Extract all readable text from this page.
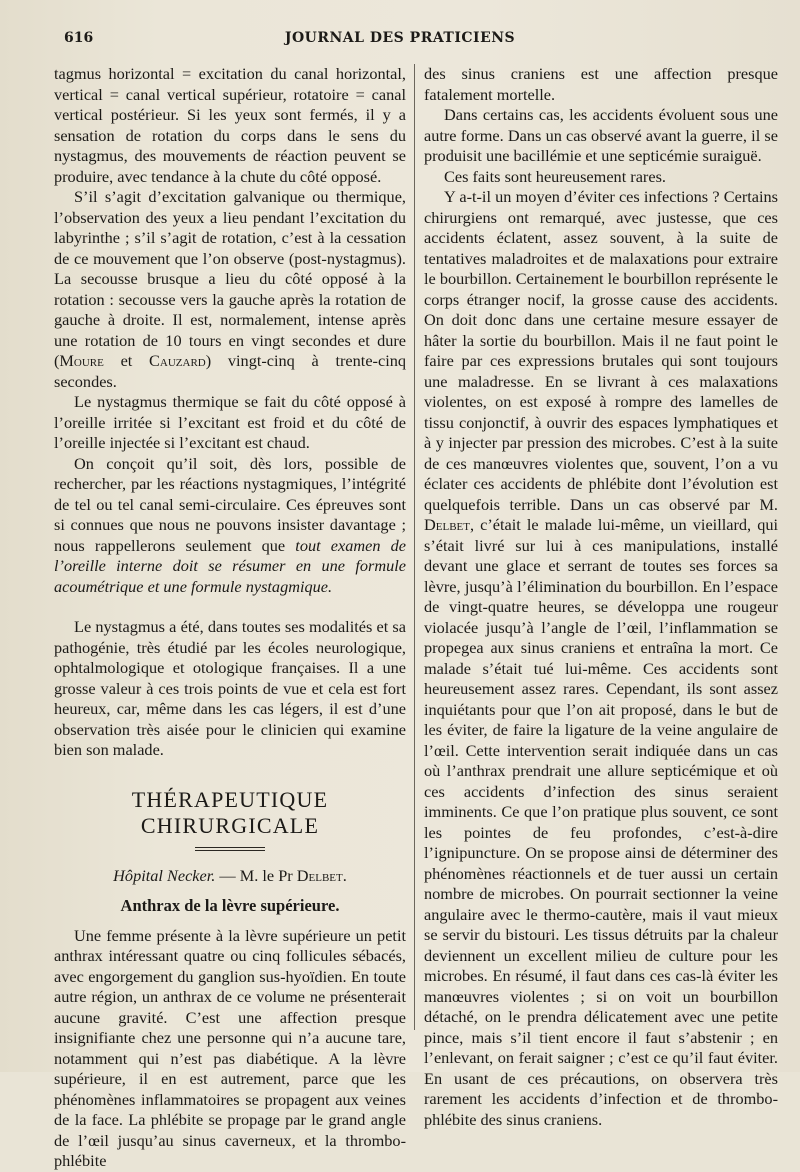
616	JOURNAL DES PRATICIENS

tagmus horizontal = excitation du canal horizontal, vertical = canal vertical supérieur, rotatoire = canal vertical postérieur. Si les yeux sont fermés, il y a sensation de rotation du corps dans le sens du nystagmus, des mouvements de réaction peuvent se produire, avec tendance à la chute du côté opposé.

S’il s’agit d’excitation galvanique ou thermique, l’observation des yeux a lieu pendant l’excitation du labyrinthe ; s’il s’agit de rotation, c’est à la cessation de ce mouvement que l’on observe (post-nystagmus). La secousse brusque a lieu du côté opposé à la rotation : secousse vers la gauche après la rotation de gauche à droite. Il est, normalement, intense après une rotation de 10 tours en vingt secondes et dure (Moure et Cauzard) vingt-cinq à trente-cinq secondes.

Le nystagmus thermique se fait du côté opposé à l’oreille irritée si l’excitant est froid et du côté de l’oreille injectée si l’excitant est chaud.

On conçoit qu’il soit, dès lors, possible de rechercher, par les réactions nystagmiques, l’intégrité de tel ou tel canal semi-circulaire. Ces épreuves sont si connues que nous ne pouvons insister davantage ; nous rappellerons seulement que tout examen de l’oreille interne doit se résumer en une formule acoumétrique et une formule nystagmique.

Le nystagmus a été, dans toutes ses modalités et sa pathogénie, très étudié par les écoles neurologique, ophtalmologique et otologique françaises. Il a une grosse valeur à ces trois points de vue et cela est fort heureux, car, même dans les cas légers, il est d’une observation très aisée pour le clinicien qui examine bien son malade.

THÉRAPEUTIQUE CHIRURGICALE
Hôpital Necker. — M. le Pr Delbet.
Anthrax de la lèvre supérieure.

Une femme présente à la lèvre supérieure un petit anthrax intéressant quatre ou cinq follicules sébacés, avec engorgement du ganglion sus-hyoïdien. En toute autre région, un anthrax de ce volume ne présenterait aucune gravité. C’est une affection presque insignifiante chez une personne qui n’a aucune tare, notamment qui n’est pas diabétique. A la lèvre supérieure, il en est autrement, parce que les phénomènes inflammatoires se propagent aux veines de la face. La phlébite se propage par le grand angle de l’œil jusqu’au sinus caverneux, et la thrombo-phlébite

des sinus craniens est une affection presque fatalement mortelle.

Dans certains cas, les accidents évoluent sous une autre forme. Dans un cas observé avant la guerre, il se produisit une bacillémie et une septicémie suraiguë.

Ces faits sont heureusement rares.

Y a-t-il un moyen d’éviter ces infections ? Certains chirurgiens ont remarqué, avec justesse, que ces accidents éclatent, assez souvent, à la suite de tentatives maladroites et de malaxations pour extraire le bourbillon. Certainement le bourbillon représente le corps étranger nocif, la grosse cause des accidents. On doit donc dans une certaine mesure essayer de hâter la sortie du bourbillon. Mais il ne faut point le faire par ces expressions brutales qui sont toujours une maladresse. En se livrant à ces malaxations violentes, on est exposé à rompre des lamelles de tissu conjonctif, à ouvrir des espaces lymphatiques et à y injecter par pression des microbes. C’est à la suite de ces manœuvres violentes que, souvent, l’on a vu éclater ces accidents de phlébite dont l’évolution est quelquefois terrible. Dans un cas observé par M. Delbet, c’était le malade lui-même, un vieillard, qui s’était livré sur lui à ces manipulations, installé devant une glace et serrant de toutes ses forces sa lèvre, jusqu’à l’élimination du bourbillon. En l’espace de vingt-quatre heures, se développa une rougeur violacée jusqu’à l’angle de l’œil, l’inflammation se propegea aux sinus craniens et entraîna la mort. Ce malade s’était tué lui-même. Ces accidents sont heureusement assez rares. Cependant, ils sont assez inquiétants pour que l’on ait proposé, dans le but de les éviter, de faire la ligature de la veine angulaire de l’œil. Cette intervention serait indiquée dans un cas où l’anthrax prendrait une allure septicémique et où ces accidents d’infection des sinus seraient imminents. Ce que l’on pratique plus souvent, ce sont les pointes de feu profondes, c’est-à-dire l’ignipuncture. On se propose ainsi de déterminer des phénomènes réactionnels et de tuer aussi un certain nombre de microbes. On pourrait sectionner la veine angulaire avec le thermo-cautère, mais il vaut mieux se servir du bistouri. Les tissus détruits par la chaleur deviennent un excellent milieu de culture pour les microbes. En résumé, il faut dans ces cas-là éviter les manœuvres violentes ; si on voit un bourbillon détaché, on le prendra délicatement avec une petite pince, mais s’il tient encore il faut s’abstenir ; en l’enlevant, on ferait saigner ; c’est ce qu’il faut éviter. En usant de ces précautions, on observera très rarement les accidents d’infection et de thrombo-phlébite des sinus craniens.
